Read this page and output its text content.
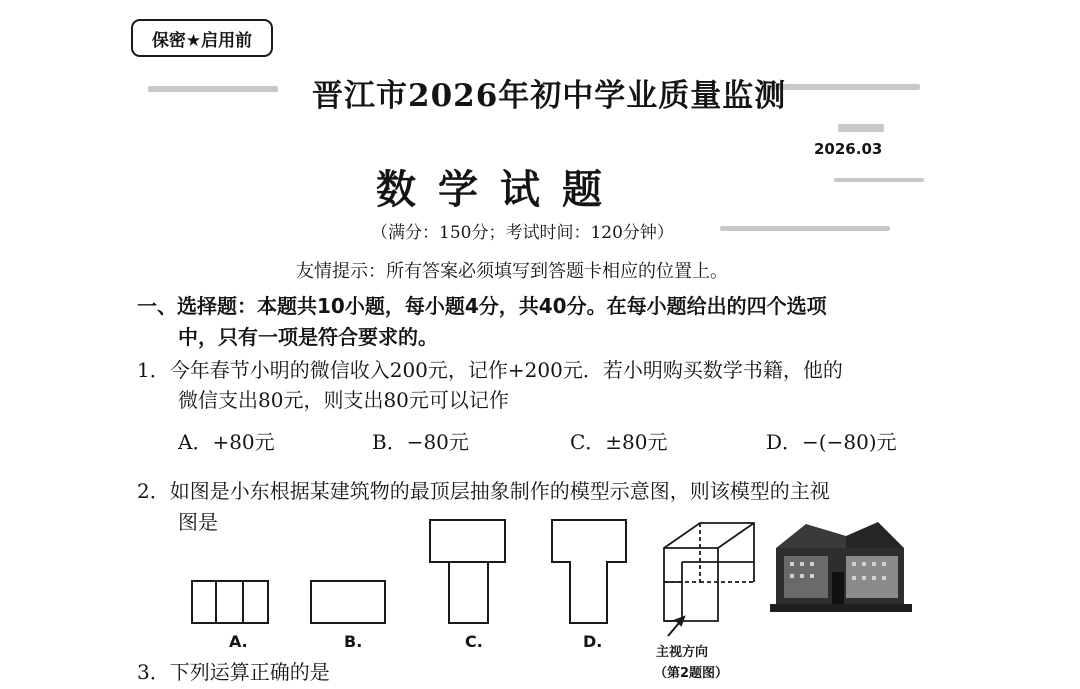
保密★启用前
晋江市2026年初中学业质量监测
2026.03
数学试题
（满分：150分；考试时间：120分钟）
友情提示：所有答案必须填写到答题卡相应的位置上。
一、选择题：本题共10小题，每小题4分，共40分。在每小题给出的四个选项
中，只有一项是符合要求的。
1．今年春节小明的微信收入200元，记作+200元．若小明购买数学书籍，他的
微信支出80元，则支出80元可以记作
A．+80元	B．−80元	C．±80元	D．−(−80)元
2．如图是小东根据某建筑物的最顶层抽象制作的模型示意图，则该模型的主视
图是
A.	B.	C.	D.
主视方向
（第2题图）
3．下列运算正确的是
